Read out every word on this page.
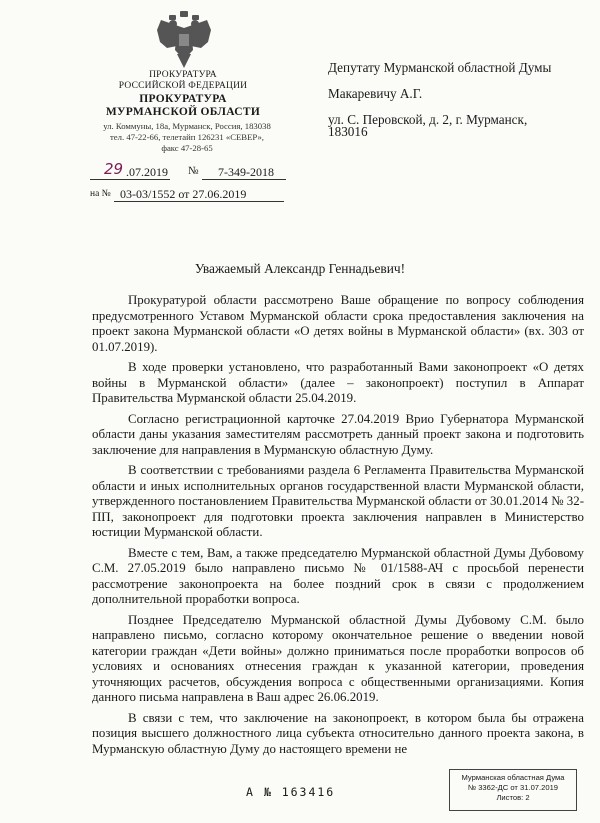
ПРОКУРАТУРА
РОССИЙСКОЙ ФЕДЕРАЦИИ
ПРОКУРАТУРА
МУРМАНСКОЙ ОБЛАСТИ
ул. Коммуны, 18а, Мурманск, Россия, 183038
тел. 47-22-66, телетайп 126231 «СЕВЕР»,
факс 47-28-65
29 .07.2019 № 7-349-2018
на № 03-03/1552 от 27.06.2019
Депутату Мурманской областной Думы
Макаревичу А.Г.
ул. С. Перовской, д. 2, г. Мурманск,
183016
Уважаемый Александр Геннадьевич!

Прокуратурой области рассмотрено Ваше обращение по вопросу соблюдения предусмотренного Уставом Мурманской области срока предоставления заключения на проект закона Мурманской области «О детях войны в Мурманской области» (вх. 303 от 01.07.2019).

В ходе проверки установлено, что разработанный Вами законопроект «О детях войны в Мурманской области» (далее – законопроект) поступил в Аппарат Правительства Мурманской области 25.04.2019.

Согласно регистрационной карточке 27.04.2019 Врио Губернатора Мурманской области даны указания заместителям рассмотреть данный проект закона и подготовить заключение для направления в Мурманскую областную Думу.

В соответствии с требованиями раздела 6 Регламента Правительства Мурманской области и иных исполнительных органов государственной власти Мурманской области, утвержденного постановлением Правительства Мурманской области от 30.01.2014 № 32-ПП, законопроект для подготовки проекта заключения направлен в Министерство юстиции Мурманской области.

Вместе с тем, Вам, а также председателю Мурманской областной Думы Дубовому С.М. 27.05.2019 было направлено письмо № 01/1588-АЧ с просьбой перенести рассмотрение законопроекта на более поздний срок в связи с продолжением дополнительной проработки вопроса.

Позднее Председателю Мурманской областной Думы Дубовому С.М. было направлено письмо, согласно которому окончательное решение о введении новой категории граждан «Дети войны» должно приниматься после проработки вопросов об условиях и основаниях отнесения граждан к указанной категории, проведения уточняющих расчетов, обсуждения вопроса с общественными организациями. Копия данного письма направлена в Ваш адрес 26.06.2019.

В связи с тем, что заключение на законопроект, в котором была бы отражена позиция высшего должностного лица субъекта относительно данного проекта закона, в Мурманскую областную Думу до настоящего времени не

А № 163416
Мурманская областная Дума
№ 3362-ДС от 31.07.2019
Листов: 2
